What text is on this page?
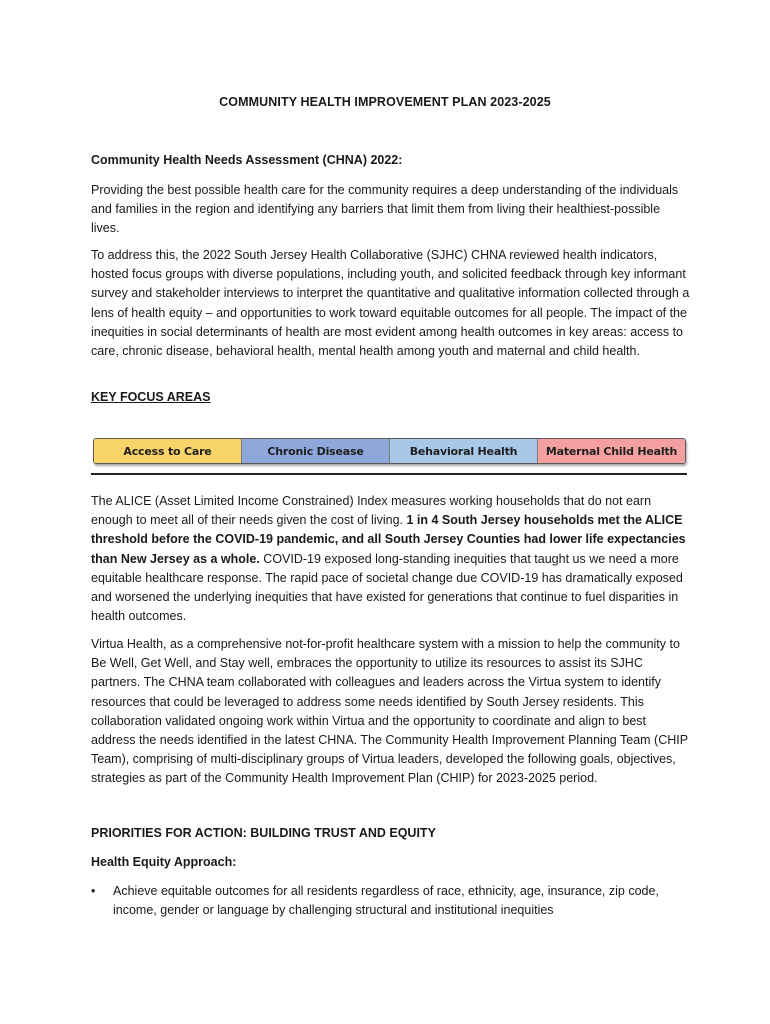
COMMUNITY HEALTH IMPROVEMENT PLAN 2023-2025
Community Health Needs Assessment (CHNA) 2022:

Providing the best possible health care for the community requires a deep understanding of the individuals and families in the region and identifying any barriers that limit them from living their healthiest-possible lives.

To address this, the 2022 South Jersey Health Collaborative (SJHC) CHNA reviewed health indicators, hosted focus groups with diverse populations, including youth, and solicited feedback through key informant survey and stakeholder interviews to interpret the quantitative and qualitative information collected through a lens of health equity – and opportunities to work toward equitable outcomes for all people. The impact of the inequities in social determinants of health are most evident among health outcomes in key areas: access to care, chronic disease, behavioral health, mental health among youth and maternal and child health.

KEY FOCUS AREAS
Access to Care	Chronic Disease	Behavioral Health	Maternal Child Health

The ALICE (Asset Limited Income Constrained) Index measures working households that do not earn enough to meet all of their needs given the cost of living. 1 in 4 South Jersey households met the ALICE threshold before the COVID-19 pandemic, and all South Jersey Counties had lower life expectancies than New Jersey as a whole. COVID-19 exposed long-standing inequities that taught us we need a more equitable healthcare response. The rapid pace of societal change due COVID-19 has dramatically exposed and worsened the underlying inequities that have existed for generations that continue to fuel disparities in health outcomes.

Virtua Health, as a comprehensive not-for-profit healthcare system with a mission to help the community to Be Well, Get Well, and Stay well, embraces the opportunity to utilize its resources to assist its SJHC partners. The CHNA team collaborated with colleagues and leaders across the Virtua system to identify resources that could be leveraged to address some needs identified by South Jersey residents. This collaboration validated ongoing work within Virtua and the opportunity to coordinate and align to best address the needs identified in the latest CHNA. The Community Health Improvement Planning Team (CHIP Team), comprising of multi-disciplinary groups of Virtua leaders, developed the following goals, objectives, strategies as part of the Community Health Improvement Plan (CHIP) for 2023-2025 period.

PRIORITIES FOR ACTION: BUILDING TRUST AND EQUITY
Health Equity Approach:
•	Achieve equitable outcomes for all residents regardless of race, ethnicity, age, insurance, zip code, income, gender or language by challenging structural and institutional inequities
